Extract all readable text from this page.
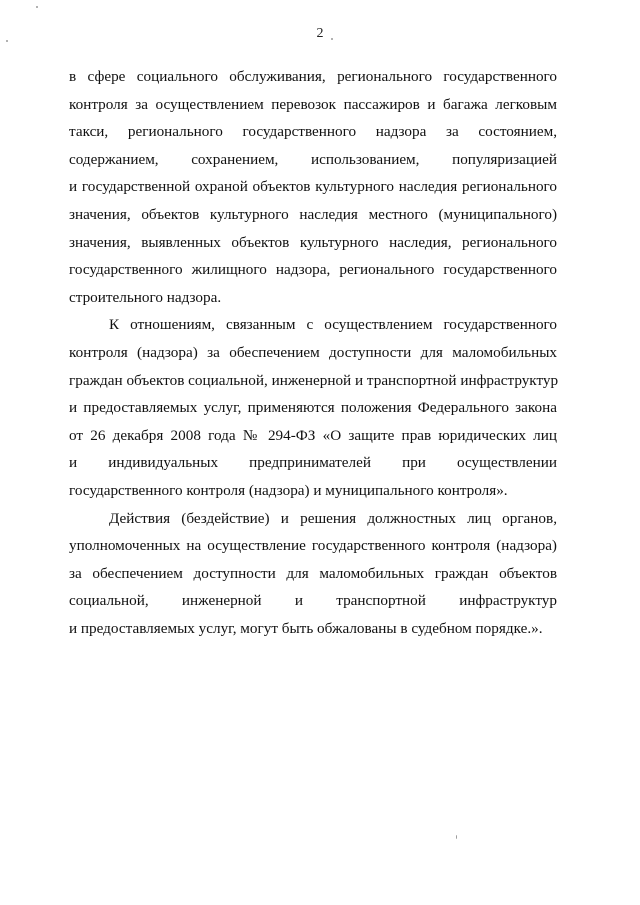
2
в сфере социального обслуживания, регионального государственного
контроля за осуществлением перевозок пассажиров и багажа легковым
такси, регионального государственного надзора за состоянием,
содержанием, сохранением, использованием, популяризацией
и государственной охраной объектов культурного наследия регионального
значения, объектов культурного наследия местного (муниципального)
значения, выявленных объектов культурного наследия, регионального
государственного жилищного надзора, регионального государственного
строительного надзора.
К отношениям, связанным с осуществлением государственного
контроля (надзора) за обеспечением доступности для маломобильных
граждан объектов социальной, инженерной и транспортной инфраструктур
и предоставляемых услуг, применяются положения Федерального закона
от 26 декабря 2008 года № 294-ФЗ «О защите прав юридических лиц
и индивидуальных предпринимателей при осуществлении
государственного контроля (надзора) и муниципального контроля».
Действия (бездействие) и решения должностных лиц органов,
уполномоченных на осуществление государственного контроля (надзора)
за обеспечением доступности для маломобильных граждан объектов
социальной, инженерной и транспортной инфраструктур
и предоставляемых услуг, могут быть обжалованы в судебном порядке.».
